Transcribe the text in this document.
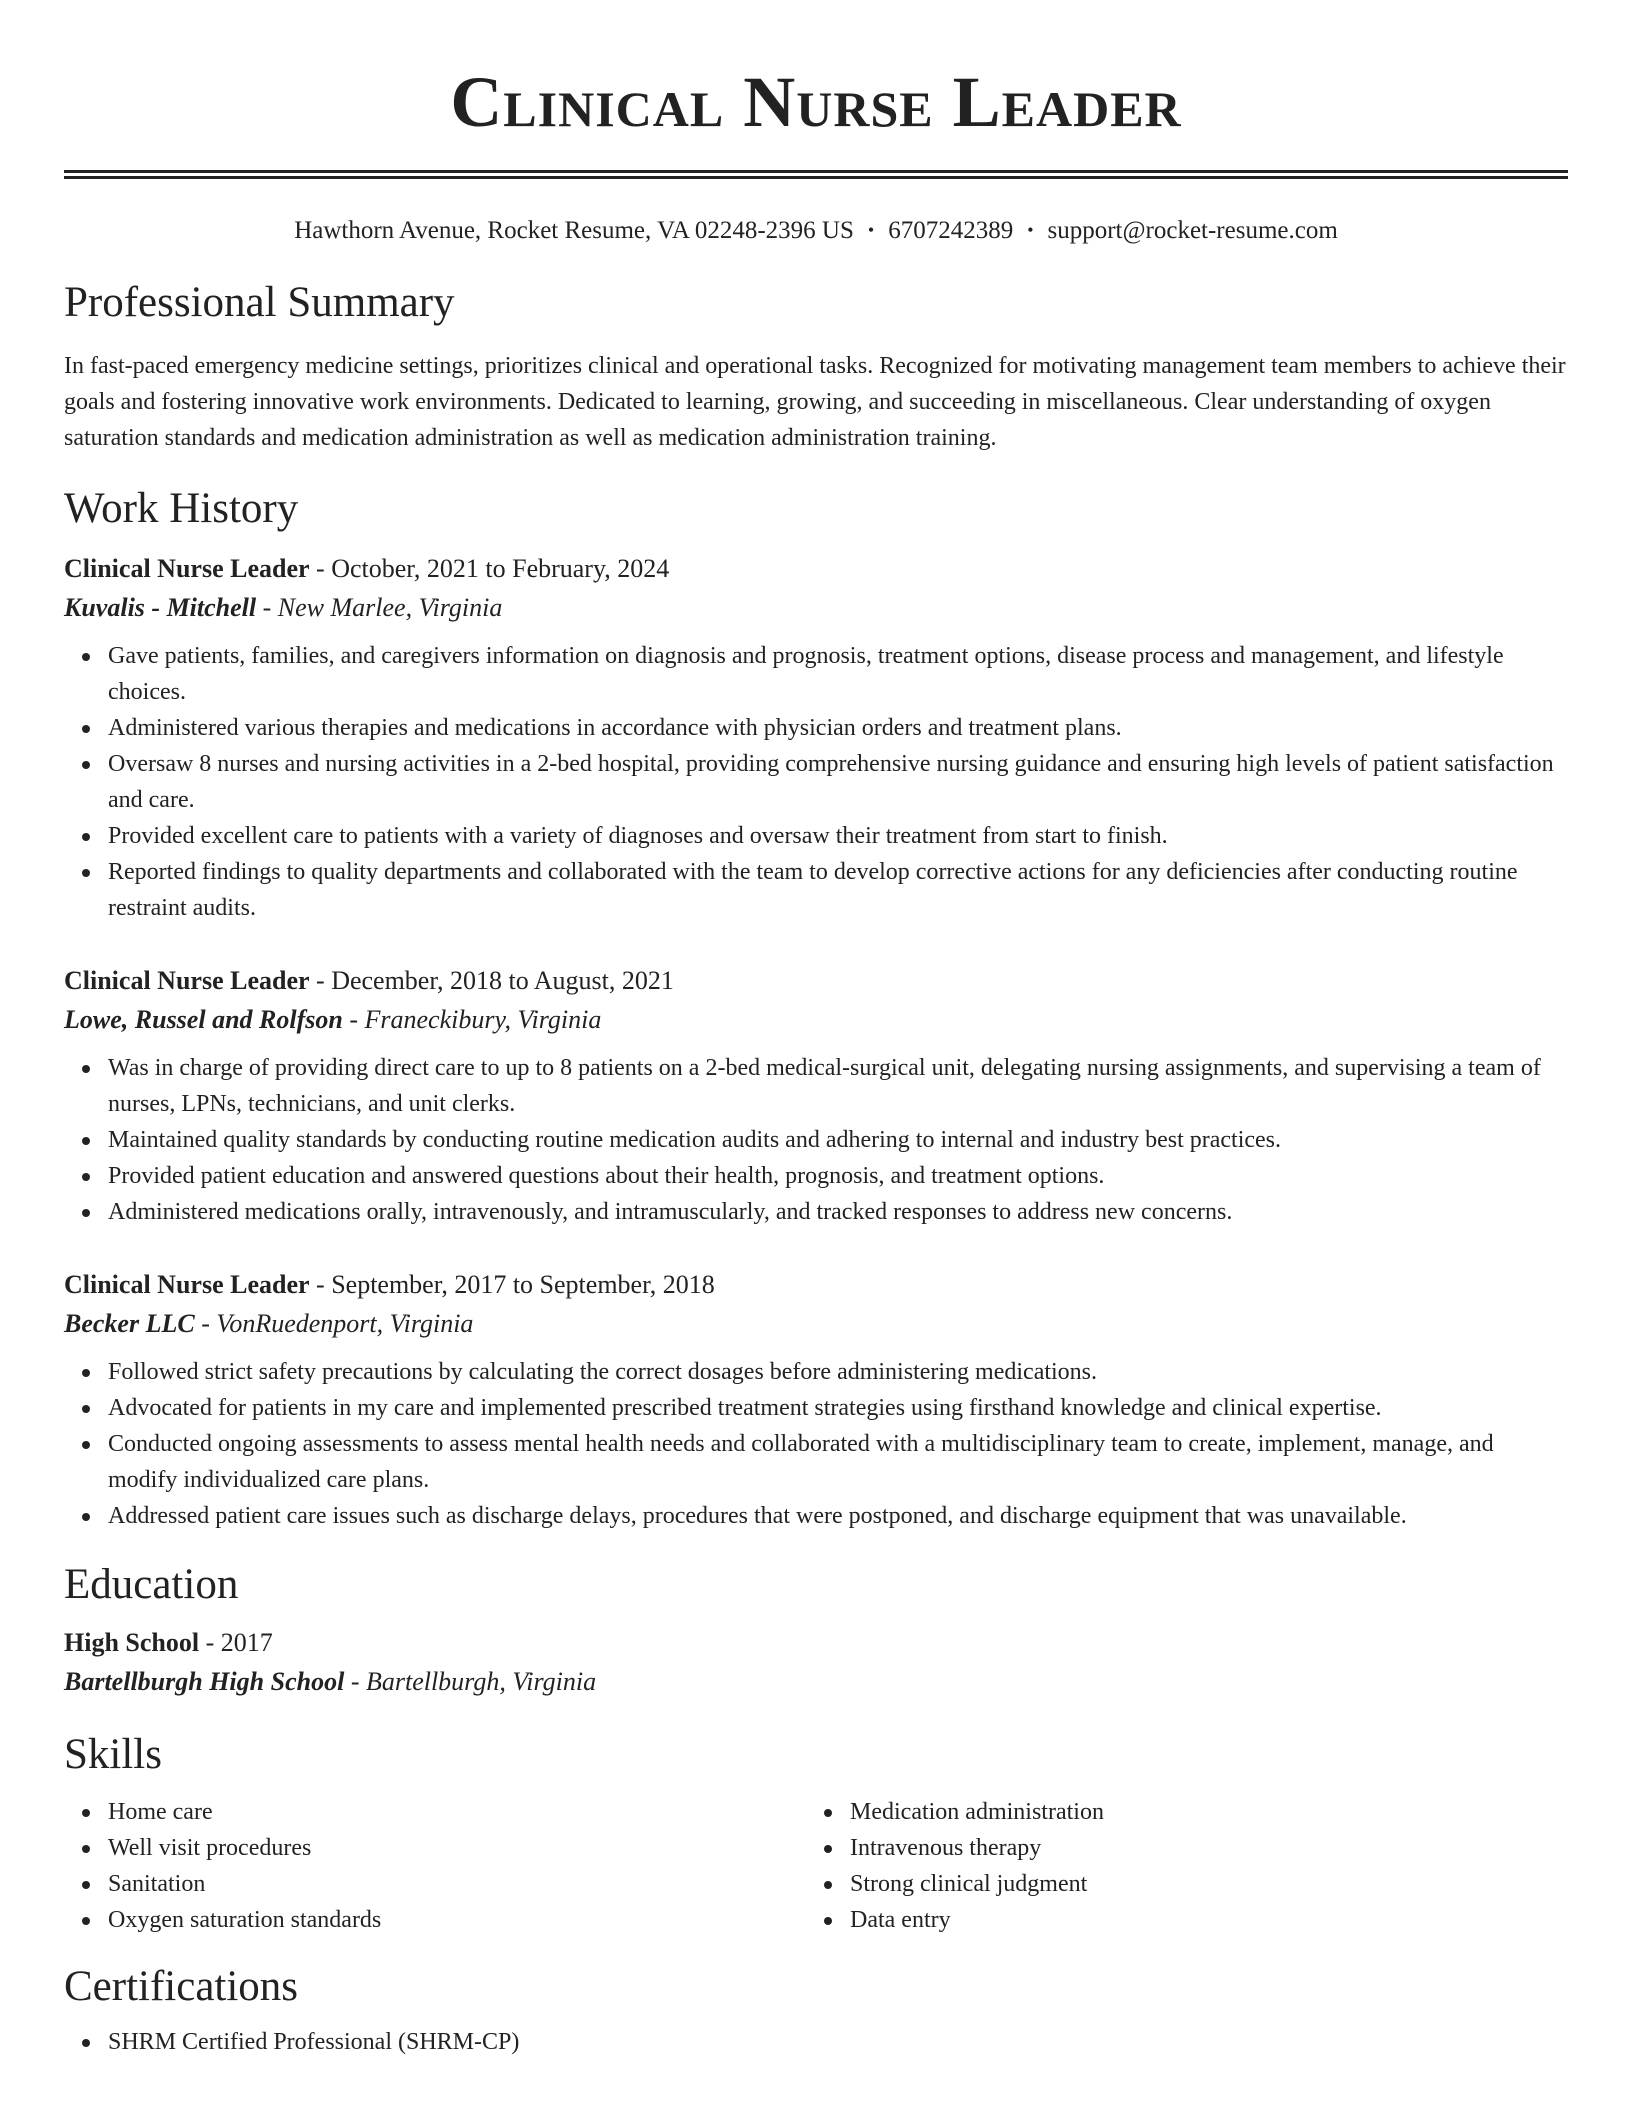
Clinical Nurse Leader
Hawthorn Avenue, Rocket Resume, VA 02248-2396 US • 6707242389 • support@rocket-resume.com
Professional Summary

In fast-paced emergency medicine settings, prioritizes clinical and operational tasks. Recognized for motivating management team members to achieve their goals and fostering innovative work environments. Dedicated to learning, growing, and succeeding in miscellaneous. Clear understanding of oxygen saturation standards and medication administration as well as medication administration training.

Work History
Clinical Nurse Leader - October, 2021 to February, 2024
Kuvalis - Mitchell - New Marlee, Virginia
Gave patients, families, and caregivers information on diagnosis and prognosis, treatment options, disease process and management, and lifestyle choices.
Administered various therapies and medications in accordance with physician orders and treatment plans.
Oversaw 8 nurses and nursing activities in a 2-bed hospital, providing comprehensive nursing guidance and ensuring high levels of patient satisfaction and care.
Provided excellent care to patients with a variety of diagnoses and oversaw their treatment from start to finish.
Reported findings to quality departments and collaborated with the team to develop corrective actions for any deficiencies after conducting routine restraint audits.
Clinical Nurse Leader - December, 2018 to August, 2021
Lowe, Russel and Rolfson - Franeckibury, Virginia
Was in charge of providing direct care to up to 8 patients on a 2-bed medical-surgical unit, delegating nursing assignments, and supervising a team of nurses, LPNs, technicians, and unit clerks.
Maintained quality standards by conducting routine medication audits and adhering to internal and industry best practices.
Provided patient education and answered questions about their health, prognosis, and treatment options.
Administered medications orally, intravenously, and intramuscularly, and tracked responses to address new concerns.
Clinical Nurse Leader - September, 2017 to September, 2018
Becker LLC - VonRuedenport, Virginia
Followed strict safety precautions by calculating the correct dosages before administering medications.
Advocated for patients in my care and implemented prescribed treatment strategies using firsthand knowledge and clinical expertise.
Conducted ongoing assessments to assess mental health needs and collaborated with a multidisciplinary team to create, implement, manage, and modify individualized care plans.
Addressed patient care issues such as discharge delays, procedures that were postponed, and discharge equipment that was unavailable.
Education
High School - 2017
Bartellburgh High School - Bartellburgh, Virginia
Skills
Home care
Well visit procedures
Sanitation
Oxygen saturation standards
Medication administration
Intravenous therapy
Strong clinical judgment
Data entry
Certifications
SHRM Certified Professional (SHRM-CP)
